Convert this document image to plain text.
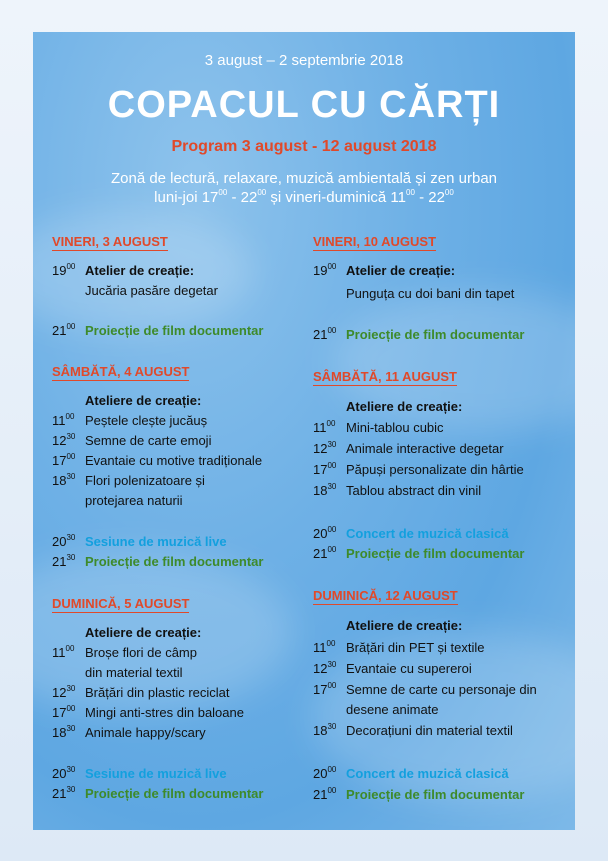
3 august – 2 septembrie 2018
COPACUL CU CĂRȚI
Program 3 august - 12 august 2018
Zonă de lectură, relaxare, muzică ambientală și zen urban
luni-joi $17^{00} - 22^{00}$ și vineri-duminică $11^{00} - 22^{00}$
VINERI, 3 AUGUST
$19^{00}$ Atelier de creație:
Jucăria pasăre degetar
$21^{00}$ Proiecție de film documentar
SÂMBĂTĂ, 4 AUGUST
Ateliere de creație:
$11^{00}$ Peștele clește jucăuș
$12^{30}$ Semne de carte emoji
$17^{00}$ Evantaie cu motive tradiționale
$18^{30}$ Flori polenizatoare și
protejarea naturii
$20^{30}$ Sesiune de muzică live
$21^{30}$ Proiecție de film documentar
DUMINICĂ, 5 AUGUST
Ateliere de creație:
$11^{00}$ Broșe flori de câmp
din material textil
$12^{30}$ Brățări din plastic reciclat
$17^{00}$ Mingi anti-stres din baloane
$18^{30}$ Animale happy/scary
$20^{30}$ Sesiune de muzică live
$21^{30}$ Proiecție de film documentar
VINERI, 10 AUGUST
$19^{00}$ Atelier de creație:
Punguța cu doi bani din tapet
$21^{00}$ Proiecție de film documentar
SÂMBĂTĂ, 11 AUGUST
Ateliere de creație:
$11^{00}$ Mini-tablou cubic
$12^{30}$ Animale interactive degetar
$17^{00}$ Păpuși personalizate din hârtie
$18^{30}$ Tablou abstract din vinil
$20^{00}$ Concert de muzică clasică
$21^{00}$ Proiecție de film documentar
DUMINICĂ, 12 AUGUST
Ateliere de creație:
$11^{00}$ Brățări din PET și textile
$12^{30}$ Evantaie cu supereroi
$17^{00}$ Semne de carte cu personaje din
desene animate
$18^{30}$ Decorațiuni din material textil
$20^{00}$ Concert de muzică clasică
$21^{00}$ Proiecție de film documentar
